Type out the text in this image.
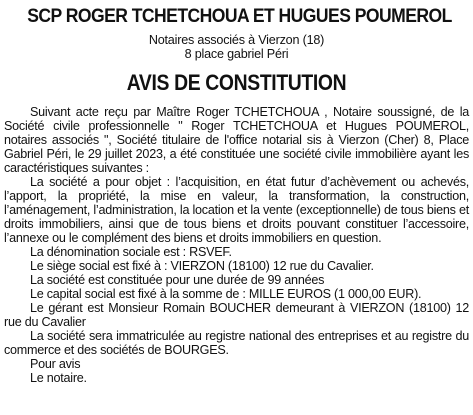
SCP ROGER TCHETCHOUA ET HUGUES POUMEROL

Notaires associés à Vierzon (18)

8 place gabriel Péri

AVIS DE CONSTITUTION

Suivant acte reçu par Maître Roger TCHETCHOUA , Notaire soussigné, de la Société civile professionnelle " Roger TCHETCHOUA et Hugues POUMEROL, notaires associés ", Société titulaire de l'office notarial sis à Vierzon (Cher) 8, Place Gabriel Péri, le 29 juillet 2023, a été constituée une société civile immobilière ayant les caractéristiques suivantes :

La société a pour objet : l’acquisition, en état futur d’achèvement ou achevés, l’apport, la propriété, la mise en valeur, la transformation, la construction, l’aménagement, l’administration, la location et la vente (exceptionnelle) de tous biens et droits immobiliers, ainsi que de tous biens et droits pouvant constituer l’accessoire, l’annexe ou le complément des biens et droits immobiliers en question.

La dénomination sociale est : RSVEF.

Le siège social est fixé à : VIERZON (18100) 12 rue du Cavalier.

La société est constituée pour une durée de 99 années

Le capital social est fixé à la somme de : MILLE EUROS (1 000,00 EUR).

Le gérant est Monsieur Romain BOUCHER demeurant à VIERZON (18100) 12 rue du Cavalier

La société sera immatriculée au registre national des entreprises et au registre du commerce et des sociétés de BOURGES.

Pour avis

Le notaire.
